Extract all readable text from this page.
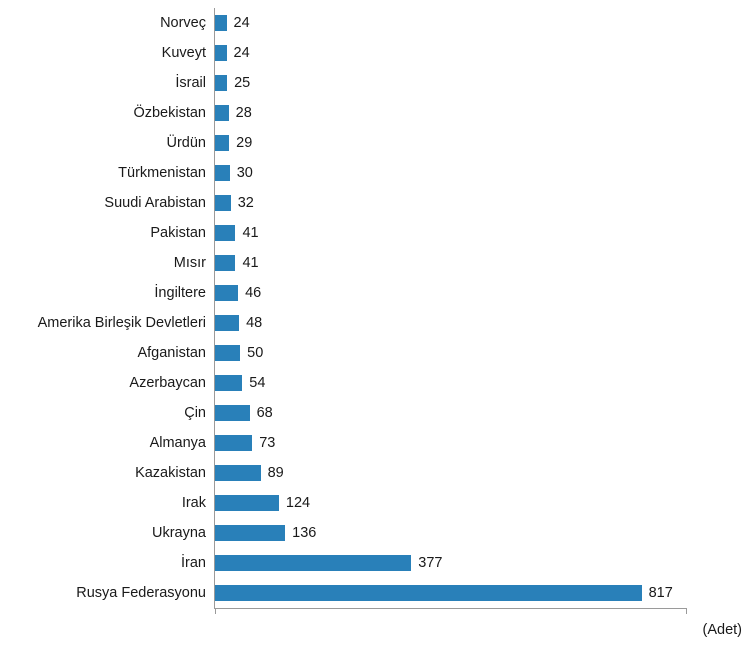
Norveç	24
Kuveyt	24
İsrail	25
Özbekistan	28
Ürdün	29
Türkmenistan	30
Suudi Arabistan	32
Pakistan	41
Mısır	41
İngiltere	46
Amerika Birleşik Devletleri	48
Afganistan	50
Azerbaycan	54
Çin	68
Almanya	73
Kazakistan	89
Irak	124
Ukrayna	136
İran	377
Rusya Federasyonu	817
(Adet)
